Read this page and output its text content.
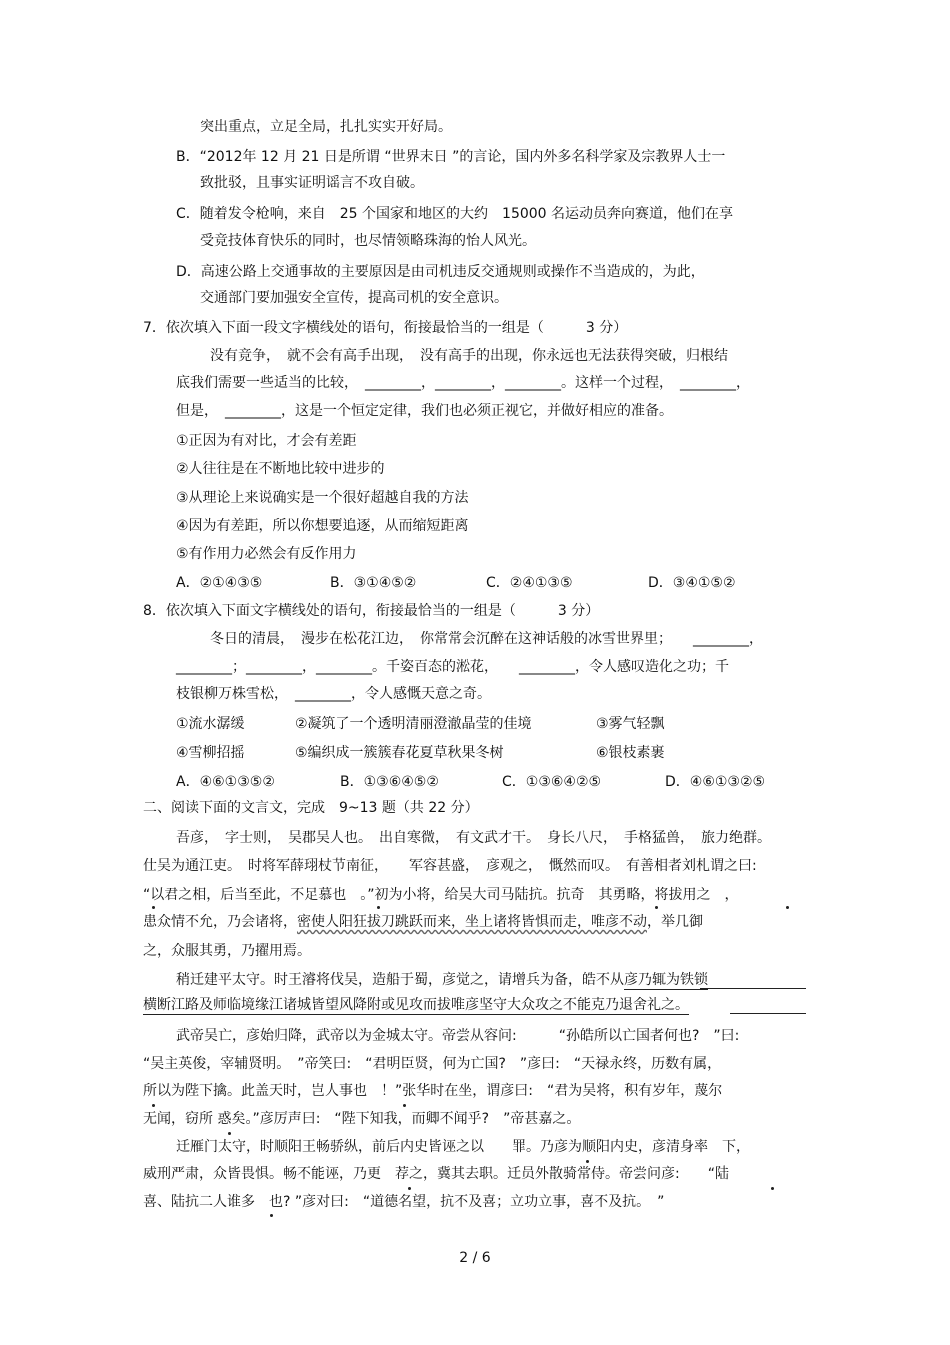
突出重点，立足全局，扎扎实实开好局。
B．“2012年 12 月 21 日是所谓 “世界末日 ”的言论，国内外多名科学家及宗教界人士一
致批驳，且事实证明谣言不攻自破。
C．随着发令枪响，来自　25 个国家和地区的大约　15000 名运动员奔向赛道，他们在享
受竞技体育快乐的同时，也尽情领略珠海的怡人风光。
D．高速公路上交通事故的主要原因是由司机违反交通规则或操作不当造成的，为此，
交通部门要加强安全宣传，提高司机的安全意识。
7．依次填入下面一段文字横线处的语句，衔接最恰当的一组是（　　　3 分）
没有竞争，　就不会有高手出现，　没有高手的出现，你永远也无法获得突破，归根结
底我们需要一些适当的比较，　________，________，________。这样一个过程，　________，
但是，　________，这是一个恒定定律，我们也必须正视它，并做好相应的准备。
①正因为有对比，才会有差距
②人往往是在不断地比较中进步的
③从理论上来说确实是一个很好超越自我的方法
④因为有差距，所以你想要追逐，从而缩短距离
⑤有作用力必然会有反作用力
A．②①④③⑤	B．③①④⑤②	C．②④①③⑤	D．③④①⑤②
8．依次填入下面文字横线处的语句，衔接最恰当的一组是（　　　3 分）
冬日的清晨，　漫步在松花江边，　你常常会沉醉在这神话般的冰雪世界里；　　________，
________；________，________。千姿百态的淞花，　　________，令人感叹造化之功；千
枝银柳万株雪松，　________，令人感慨天意之奇。
①流水潺缓	②凝筑了一个透明清丽澄澈晶莹的佳境	③雾气轻飘
④雪柳招摇	⑤编织成一簇簇春花夏草秋果冬树	⑥银枝素裹
A．④⑥①③⑤②	B．①③⑥④⑤②	C．①③⑥④②⑤	D．④⑥①③②⑤
二、阅读下面的文言文，完成　9~13 题（共 22 分）
吾彦，　字士则，　吴郡吴人也。　出自寒微，　有文武才干。　身长八尺，　手格猛兽，　旅力绝群。
仕吴为通江吏。　时将军薛珝杖节南征，　　军容甚盛，　彦观之，　慨然而叹。　有善相者刘札谓之曰:
“以君之相，后当至此，不足慕也　。”初为小将，给吴大司马陆抗。抗奇　其勇略，将拔用之　，
患众情不允，乃会诸将，密使人阳狂拔刀跳跃而来，坐上诸将皆惧而走，唯彦不动，举几御
之，众服其勇，乃擢用焉。
稍迁建平太守。时王濬将伐吴，造船于蜀，彦觉之，请增兵为备，皓不从彦乃辄为铁锁
横断江路及师临境缘江诸城皆望风降附或见攻而拔唯彦坚守大众攻之不能克乃退舍礼之。
武帝吴亡，彦始归降，武帝以为金城太守。帝尝从容问:　　　“孙皓所以亡国者何也?　”曰:
“吴主英俊，宰辅贤明。　”帝笑曰:　“君明臣贤，何为亡国?　”彦曰:　“天禄永终，历数有属，
所以为陛下擒。此盖天时，岂人事也　！”张华时在坐，谓彦曰:　“君为吴将，积有岁年，蔑尔
无闻，窃所 惑矣。”彦厉声曰:　“陛下知我，而卿不闻乎?　”帝甚嘉之。
迁雁门太守，时顺阳王畅骄纵，前后内史皆诬之以　　罪。乃彦为顺阳内史，彦清身率　下，
威刑严肃，众皆畏惧。畅不能诬，乃更　荐之，冀其去职。迁员外散骑常侍。帝尝问彦:　　“陆
喜、陆抗二人谁多　也? ”彦对曰:　“道德名望，抗不及喜；立功立事，喜不及抗。　”
2 / 6
